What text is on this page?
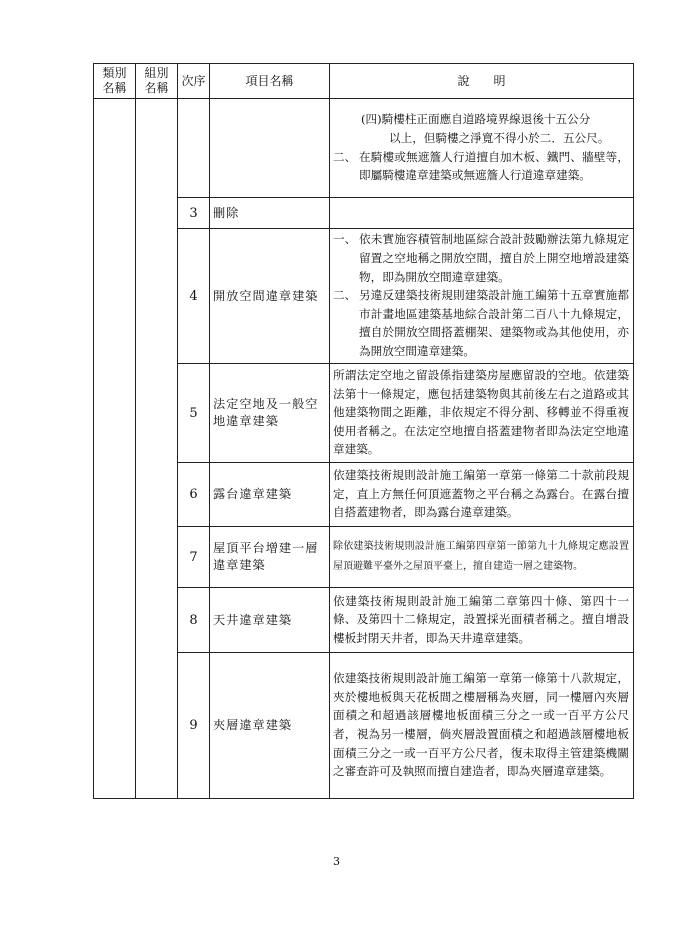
類別名稱	組別名稱	次序	項目名稱	說　　明

				(四)騎樓柱正面應自道路境界線退後十五公分
以上，但騎樓之淨寬不得小於二．五公尺。
二、 在騎樓或無遮簷人行道擅自加木板、鐵門、牆壁等，即屬騎樓違章建築或無遮簷人行道違章建築。

		3	刪除	
		4	開放空間違章建築	一、 依未實施容積管制地區綜合設計鼓勵辦法第九條規定留置之空地稱之開放空間，擅自於上開空地增設建築物，即為開放空間違章建築。
二、 另違反建築技術規則建築設計施工編第十五章實施都市計畫地區建築基地綜合設計第二百八十九條規定，擅自於開放空間搭蓋棚架、建築物或為其他使用，亦為開放空間違章建築。

		5	法定空地及一般空地違章建築	所謂法定空地之留設係指建築房屋應留設的空地。依建築法第十一條規定，應包括建築物與其前後左右之道路或其他建築物間之距離，非依規定不得分割、移轉並不得重複使用者稱之。在法定空地擅自搭蓋建物者即為法定空地違章建築。
		6	露台違章建築	依建築技術規則設計施工編第一章第一條第二十款前段規定，直上方無任何頂遮蓋物之平台稱之為露台。在露台擅自搭蓋建物者，即為露台違章建築。
		7	屋頂平台增建一層違章建築	除依建築技術規則設計施工編第四章第一節第九十九條規定應設置屋頂避難平臺外之屋頂平臺上，擅自建造一層之建築物。
		8	天井違章建築	依建築技術規則設計施工編第二章第四十條、第四十一條、及第四十二條規定，設置採光面積者稱之。擅自增設樓板封閉天井者，即為天井違章建築。
		9	夾層違章建築	依建築技術規則設計施工編第一章第一條第十八款規定，夾於樓地板與天花板間之樓層稱為夾層，同一樓層內夾層面積之和超過該層樓地板面積三分之一或一百平方公尺者，視為另一樓層，倘夾層設置面積之和超過該層樓地板面積三分之一或一百平方公尺者，復未取得主管建築機關之審查許可及執照而擅自建造者，即為夾層違章建築。
3
